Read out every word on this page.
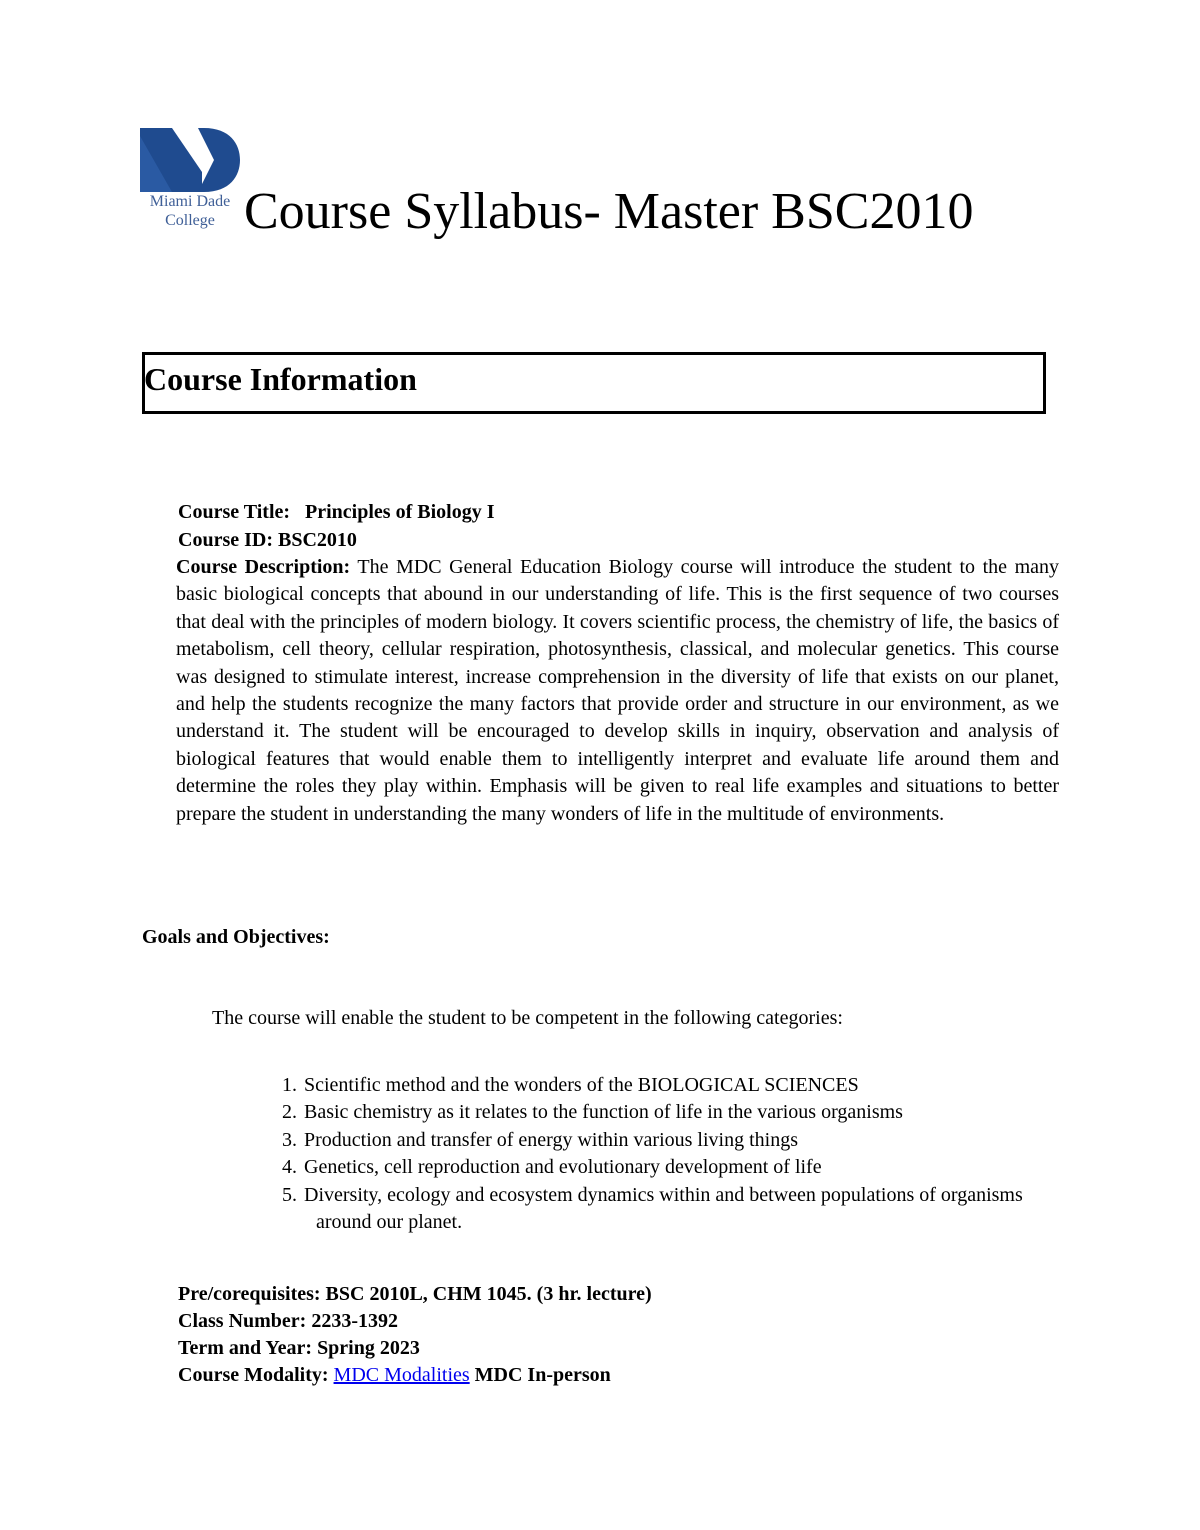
Miami Dade
College Course Syllabus- Master BSC2010
Course Information
Course Title: Principles of Biology I
Course ID: BSC2010
Course Description: The MDC General Education Biology course will introduce the student to the many basic biological concepts that abound in our understanding of life. This is the first sequence of two courses that deal with the principles of modern biology. It covers scientific process, the chemistry of life, the basics of metabolism, cell theory, cellular respiration, photosynthesis, classical, and molecular genetics. This course was designed to stimulate interest, increase comprehension in the diversity of life that exists on our planet, and help the students recognize the many factors that provide order and structure in our environment, as we understand it. The student will be encouraged to develop skills in inquiry, observation and analysis of biological features that would enable them to intelligently interpret and evaluate life around them and determine the roles they play within. Emphasis will be given to real life examples and situations to better prepare the student in understanding the many wonders of life in the multitude of environments.
Goals and Objectives:
The course will enable the student to be competent in the following categories:
1. Scientific method and the wonders of the BIOLOGICAL SCIENCES
2. Basic chemistry as it relates to the function of life in the various organisms
3. Production and transfer of energy within various living things
4. Genetics, cell reproduction and evolutionary development of life
5. Diversity, ecology and ecosystem dynamics within and between populations of organisms around our planet.
Pre/corequisites: BSC 2010L, CHM 1045. (3 hr. lecture)
Class Number: 2233-1392
Term and Year: Spring 2023
Course Modality: MDC Modalities MDC In-person
